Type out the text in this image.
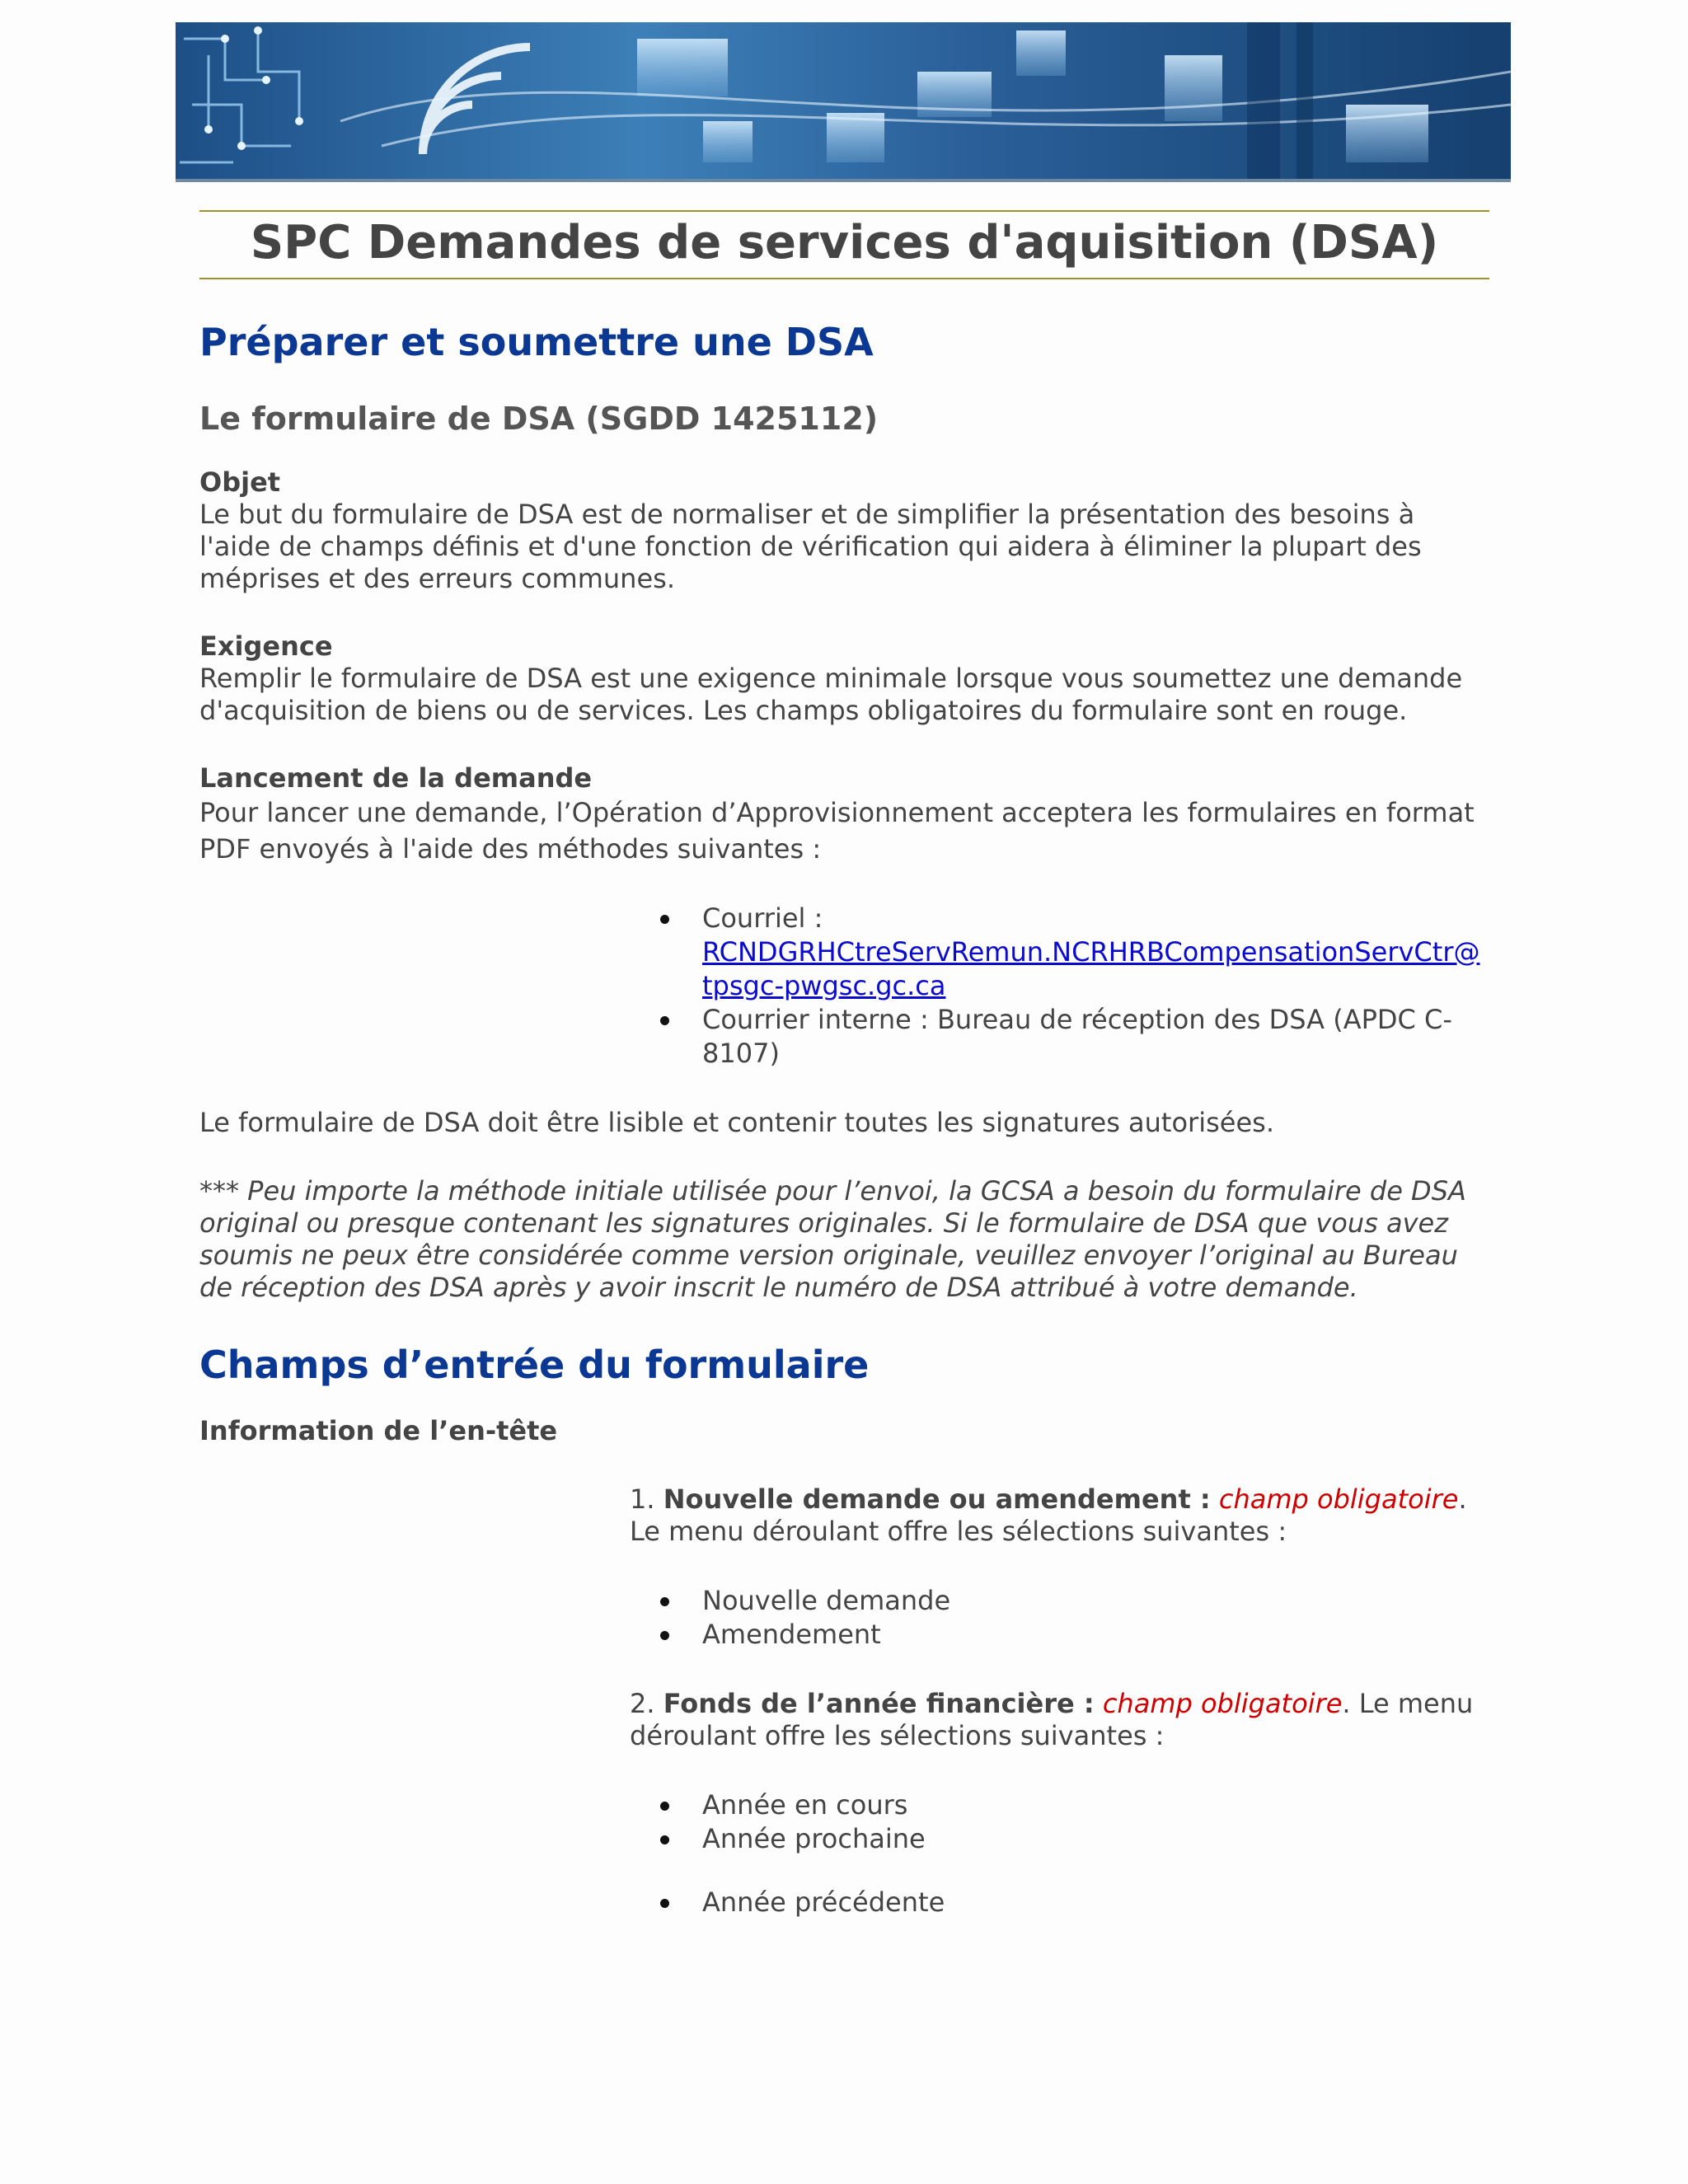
SPC Demandes de services d'aquisition (DSA)
Préparer et soumettre une DSA
Le formulaire de DSA (SGDD 1425112)

Objet

Le but du formulaire de DSA est de normaliser et de simplifier la présentation des besoins à l'aide de champs définis et d'une fonction de vérification qui aidera à éliminer la plupart des méprises et des erreurs communes.

Exigence

Remplir le formulaire de DSA est une exigence minimale lorsque vous soumettez une demande d'acquisition de biens ou de services. Les champs obligatoires du formulaire sont en rouge.

Lancement de la demande

Pour lancer une demande, l’Opération d’Approvisionnement acceptera les formulaires en format PDF envoyés à l'aide des méthodes suivantes :

Courriel :
RCNDGRHCtreServRemun.NCRHRBCompensationServCtr@tpsgc-pwgsc.gc.ca
Courrier interne : Bureau de réception des DSA (APDC C-8107)

Le formulaire de DSA doit être lisible et contenir toutes les signatures autorisées.

*** Peu importe la méthode initiale utilisée pour l’envoi, la GCSA a besoin du formulaire de DSA original ou presque contenant les signatures originales. Si le formulaire de DSA que vous avez soumis ne peux être considérée comme version originale, veuillez envoyer l’original au Bureau de réception des DSA après y avoir inscrit le numéro de DSA attribué à votre demande.

Champs d’entrée du formulaire

Information de l’en-tête

1. Nouvelle demande ou amendement : champ obligatoire.
Le menu déroulant offre les sélections suivantes :
Nouvelle demande
Amendement
2. Fonds de l’année financière : champ obligatoire. Le menu déroulant offre les sélections suivantes :
Année en cours
Année prochaine
Année précédente
